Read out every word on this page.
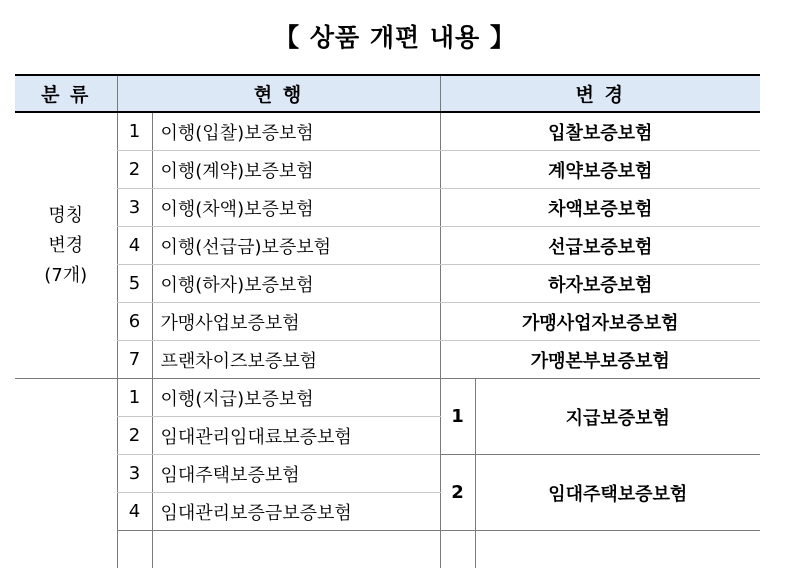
【 상품 개편 내용 】
분 류	현 행		변 경	

명칭
변경
(7개)	1	이행(입찰)보증보험	입찰보증보험	
	2	이행(계약)보증보험	계약보증보험	
	3	이행(차액)보증보험	차액보증보험	
	4	이행(선급금)보증보험	선급보증보험	
	5	이행(하자)보증보험	하자보증보험	
	6	가맹사업보증보험	가맹사업자보증보험	
	7	프랜차이즈보증보험	가맹본부보증보험	
	1	이행(지급)보증보험	1	지급보증보험
	2	임대관리임대료보증보험		
	3	임대주택보증보험	2	임대주택보증보험
	4	임대관리보증금보증보험		
